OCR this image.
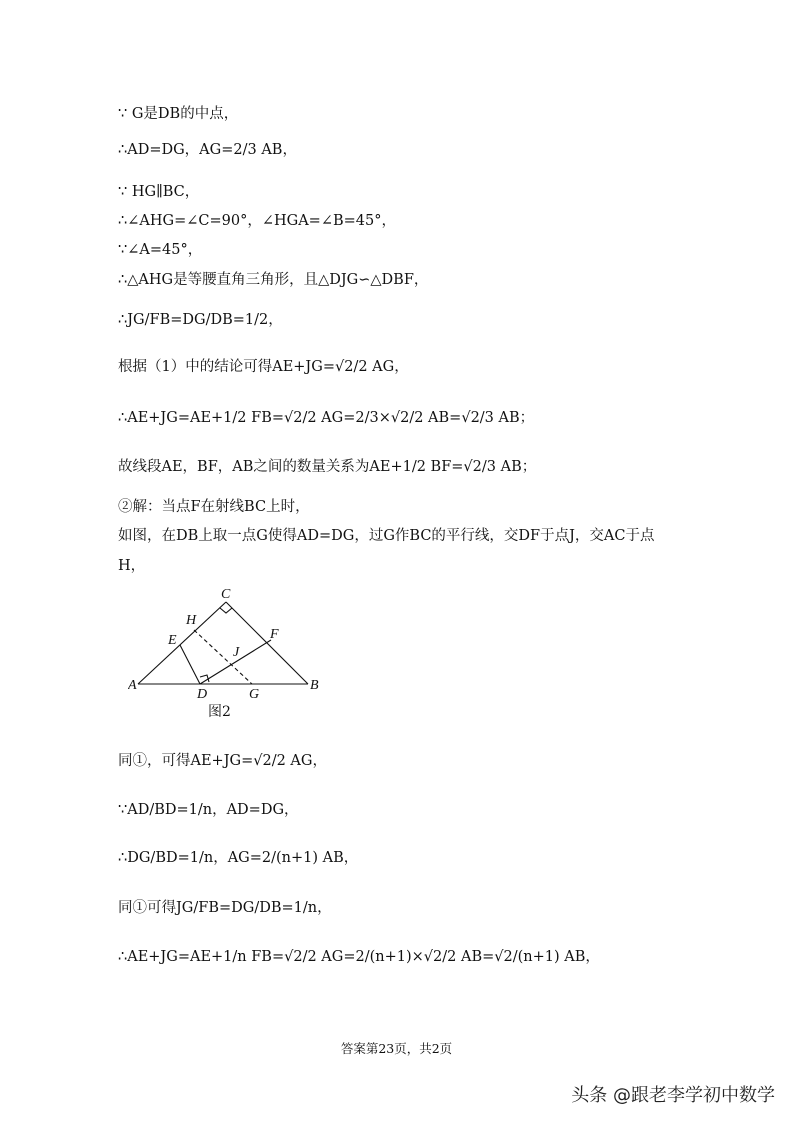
∵ G是DB的中点，
∴AD=DG，AG=2/3 AB，
∵ HG∥BC，
∴∠AHG=∠C=90°，∠HGA=∠B=45°，
∵∠A=45°，
∴△AHG是等腰直角三角形，且△DJG∽△DBF，
∴JG/FB=DG/DB=1/2，
根据（1）中的结论可得AE+JG=√2/2 AG，
∴AE+JG=AE+1/2 FB=√2/2 AG=2/3×√2/2 AB=√2/3 AB；
故线段AE，BF，AB之间的数量关系为AE+1/2 BF=√2/3 AB；
②解：当点F在射线BC上时，
如图，在DB上取一点G使得AD=DG，过G作BC的平行线，交DF于点J，交AC于点
H，
A	B
C
D
E	F
G
H
J
图2
同①，可得AE+JG=√2/2 AG，
∵AD/BD=1/n，AD=DG，
∴DG/BD=1/n，AG=2/(n+1) AB，
同①可得JG/FB=DG/DB=1/n，
∴AE+JG=AE+1/n FB=√2/2 AG=2/(n+1)×√2/2 AB=√2/(n+1) AB，
答案第23页，共2页
头条 @跟老李学初中数学
